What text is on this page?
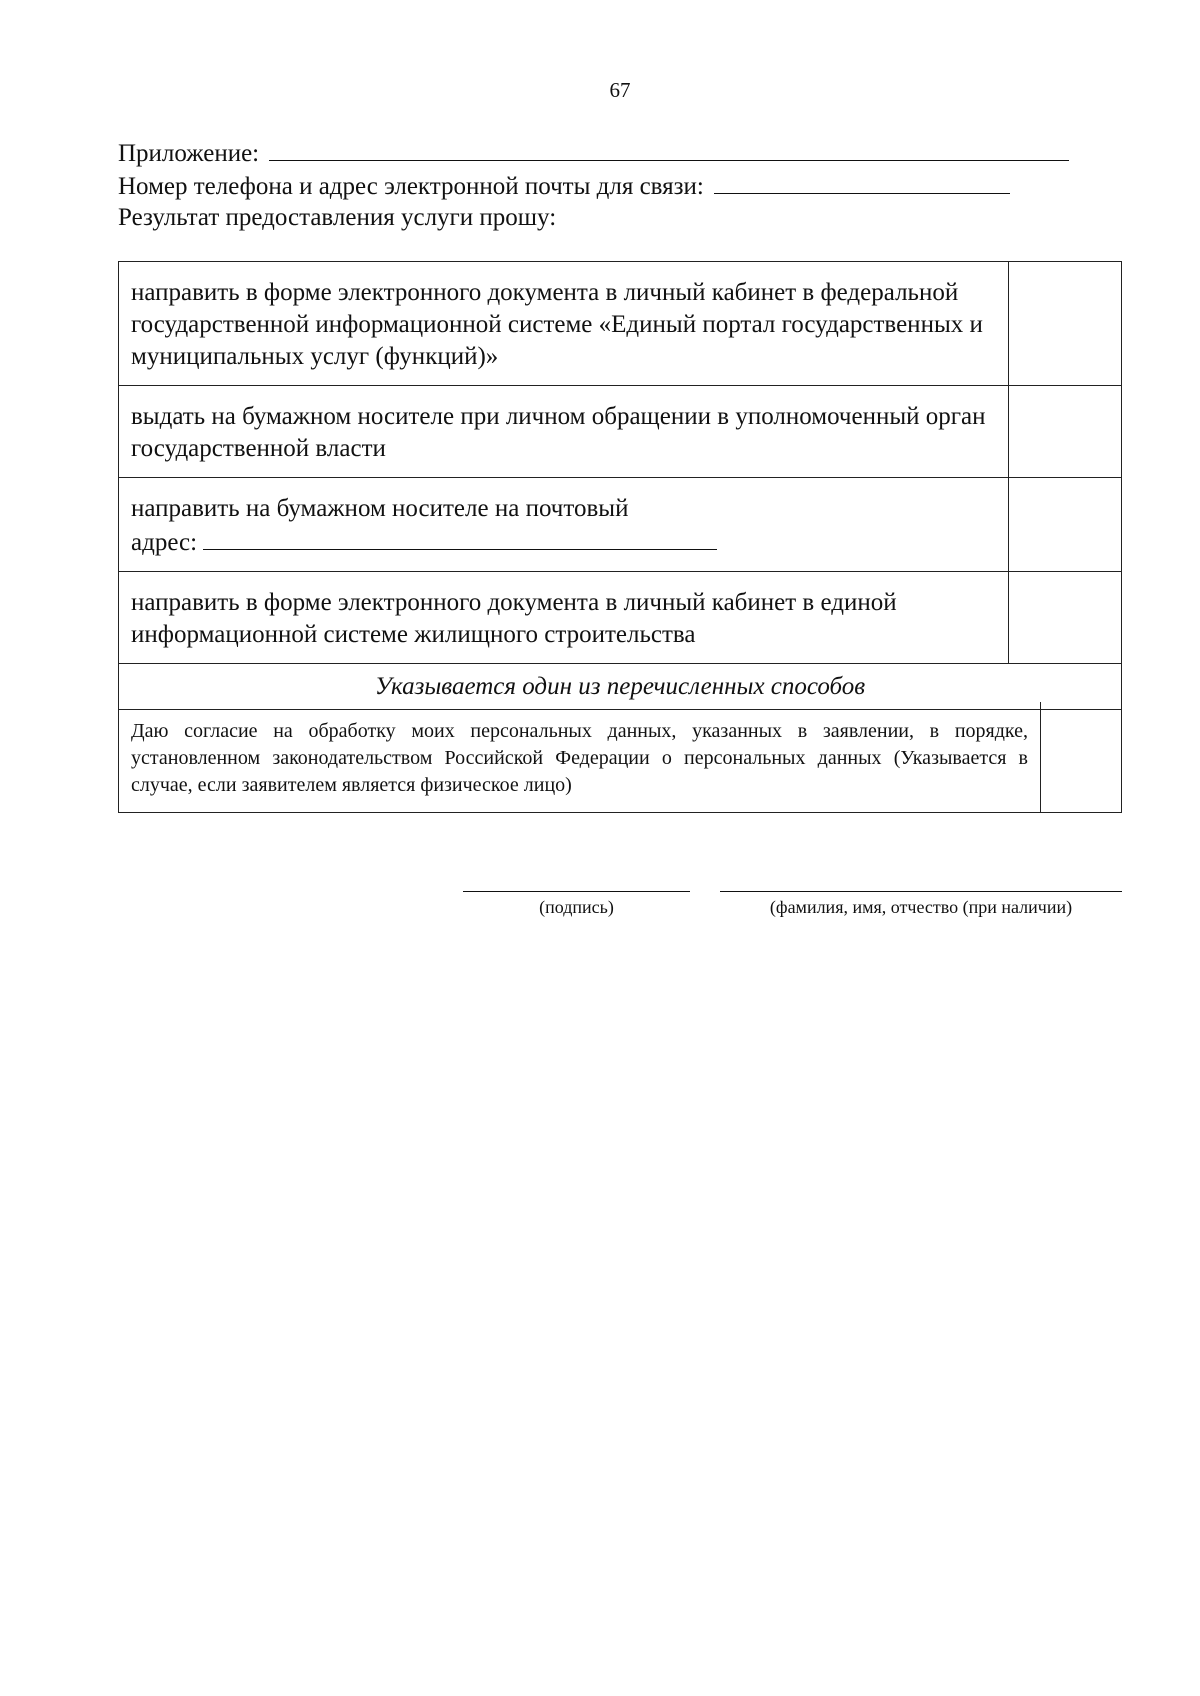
67
Приложение:
Номер телефона и адрес электронной почты для связи:
Результат предоставления услуги прошу:
направить в форме электронного документа в личный кабинет в федеральной государственной информационной системе «Единый портал государственных и муниципальных услуг (функций)»	
выдать на бумажном носителе при личном обращении в уполномоченный орган государственной власти	
направить на бумажном носителе на почтовый
адрес:	
направить в форме электронного документа в личный кабинет в единой информационной системе жилищного строительства	
Указывается один из перечисленных способов	
Даю согласие на обработку моих персональных данных, указанных в заявлении, в порядке, установленном законодательством Российской Федерации о персональных данных (Указывается в случае, если заявителем является физическое лицо)	
(подпись)	(фамилия, имя, отчество (при наличии)
